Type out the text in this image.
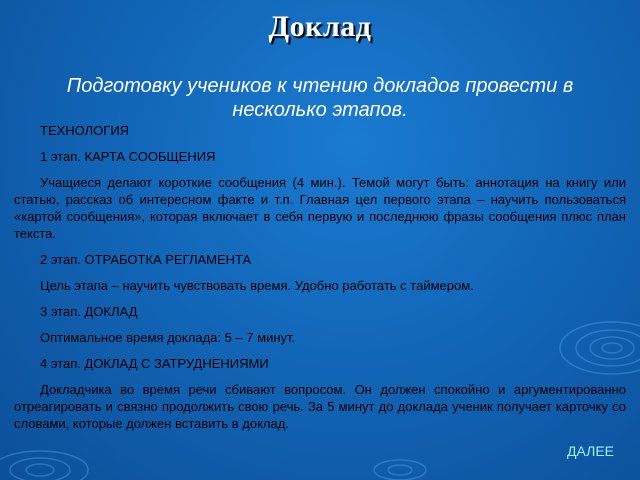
Доклад
Подготовку учеников к чтению докладов провести в несколько этапов.

ТЕХНОЛОГИЯ

1 этап. КАРТА СООБЩЕНИЯ

Учащиеся делают короткие сообщения (4 мин.). Темой могут быть: аннотация на книгу или статью, рассказ об интересном факте и т.п. Главная цел первого этапа – научить пользоваться «картой сообщения», которая включает в себя первую и последнюю фразы сообщения плюс план текста.

2 этап. ОТРАБОТКА РЕГЛАМЕНТА

Цель этапа – научить чувствовать время. Удобно работать с таймером.

3 этап. ДОКЛАД

Оптимальное время доклада: 5 – 7 минут.

4 этап. ДОКЛАД С ЗАТРУДНЕНИЯМИ

Докладчика во время речи сбивают вопросом. Он должен спокойно и аргументированно отреагировать и связно продолжить свою речь. За 5 минут до доклада ученик получает карточку со словами, которые должен вставить в доклад.

ДАЛЕЕ
